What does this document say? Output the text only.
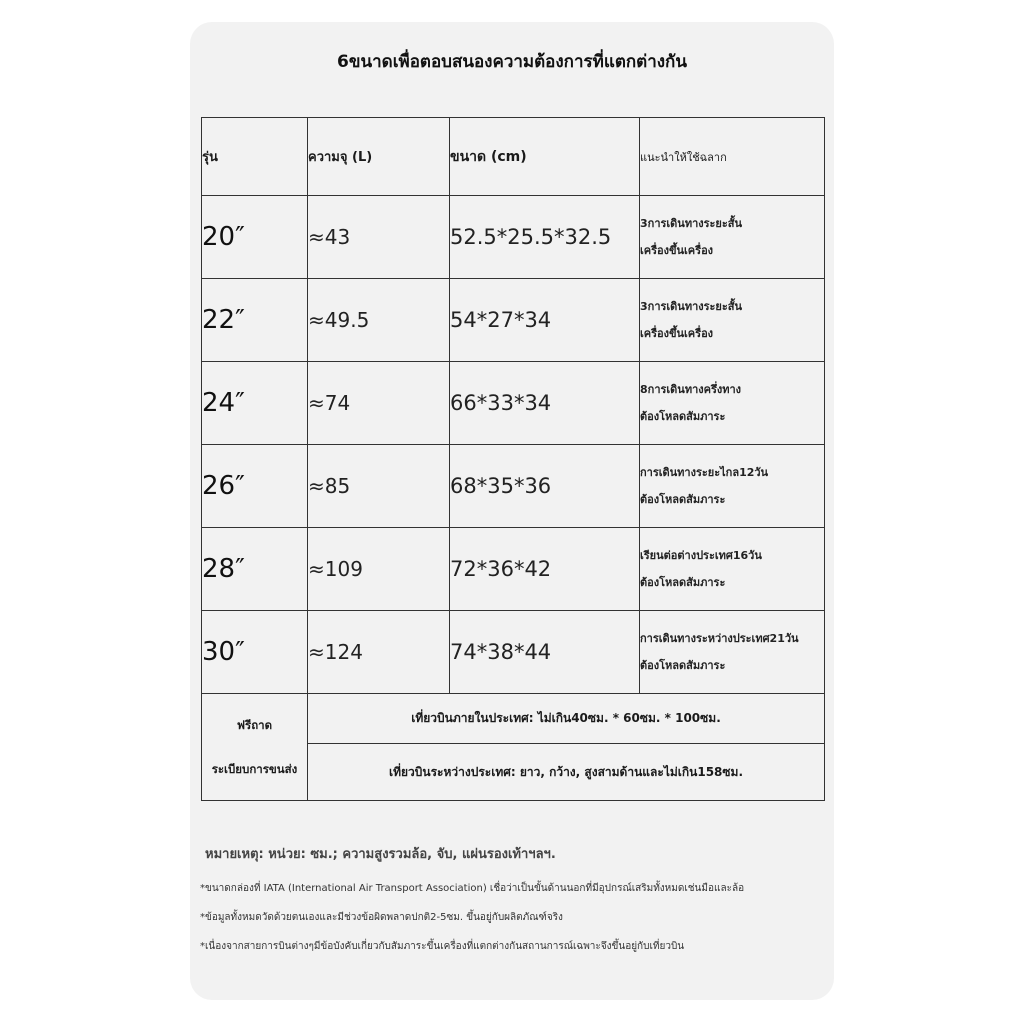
6ขนาดเพื่อตอบสนองความต้องการที่แตกต่างกัน
รุ่น	ความจุ (L)	ขนาด (cm)	แนะนำให้ใช้ฉลาก
20″	≈43	52.5*25.5*32.5	3การเดินทางระยะสั้น
เครื่องขึ้นเครื่อง
22″	≈49.5	54*27*34	3การเดินทางระยะสั้น
เครื่องขึ้นเครื่อง
24″	≈74	66*33*34	8การเดินทางครึ่งทาง
ต้องโหลดสัมภาระ
26″	≈85	68*35*36	การเดินทางระยะไกล12วัน
ต้องโหลดสัมภาระ
28″	≈109	72*36*42	เรียนต่อต่างประเทศ16วัน
ต้องโหลดสัมภาระ
30″	≈124	74*38*44	การเดินทางระหว่างประเทศ21วัน
ต้องโหลดสัมภาระ
ฟรีถาด
ระเบียบการขนส่ง	เที่ยวบินภายในประเทศ: ไม่เกิน40ซม. * 60ซม. * 100ซม.		
	เที่ยวบินระหว่างประเทศ: ยาว, กว้าง, สูงสามด้านและไม่เกิน158ซม.		
หมายเหตุ: หน่วย: ซม.; ความสูงรวมล้อ, จับ, แผ่นรองเท้าฯลฯ.
*ขนาดกล่องที่ IATA (International Air Transport Association) เชื่อว่าเป็นขั้นด้านนอกที่มีอุปกรณ์เสริมทั้งหมดเช่นมือและล้อ
*ข้อมูลทั้งหมดวัดด้วยตนเองและมีช่วงข้อผิดพลาดปกติ2-5ซม. ขึ้นอยู่กับผลิตภัณฑ์จริง
*เนื่องจากสายการบินต่างๆมีข้อบังคับเกี่ยวกับสัมภาระขึ้นเครื่องที่แตกต่างกันสถานการณ์เฉพาะจึงขึ้นอยู่กับเที่ยวบิน
